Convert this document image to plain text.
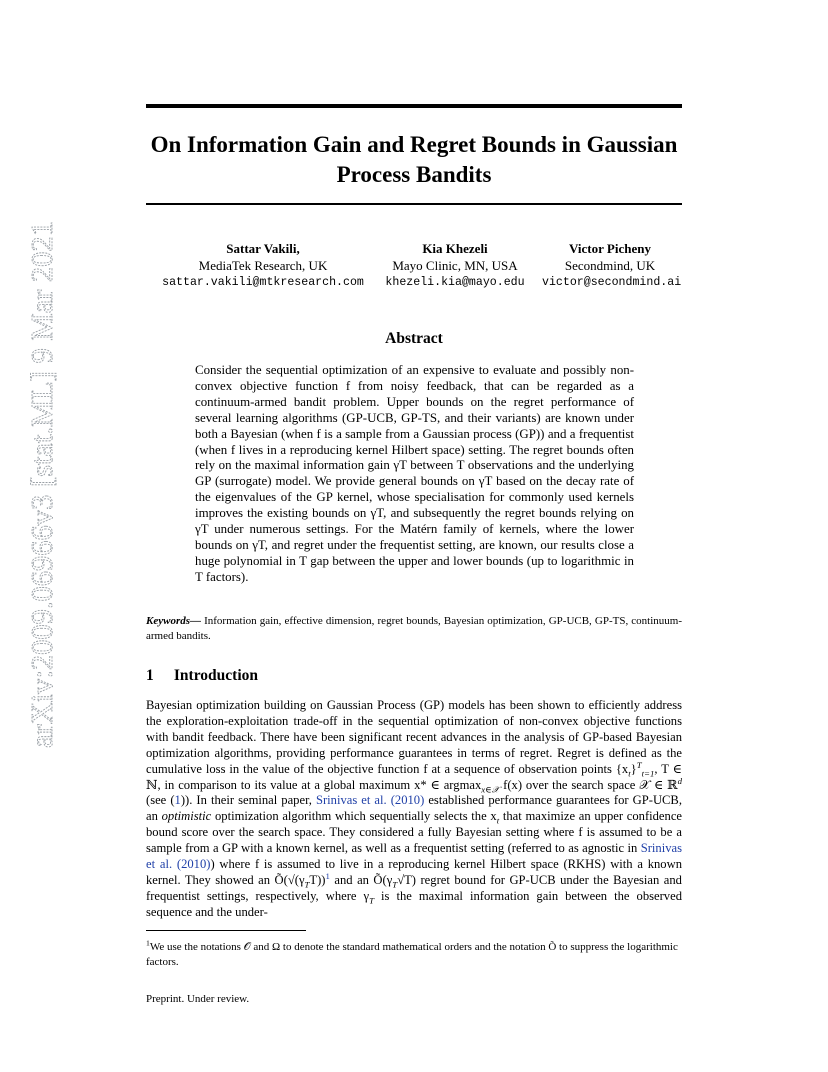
arXiv:2009.06966v3 [stat.ML] 9 Mar 2021
On Information Gain and Regret Bounds in Gaussian Process Bandits
Sattar Vakili,
MediaTek Research, UK
sattar.vakili@mtkresearch.com
Kia Khezeli
Mayo Clinic, MN, USA
khezeli.kia@mayo.edu
Victor Picheny
Secondmind, UK
victor@secondmind.ai
Abstract
Consider the sequential optimization of an expensive to evaluate and possibly non-convex objective function f from noisy feedback, that can be regarded as a continuum-armed bandit problem. Upper bounds on the regret performance of several learning algorithms (GP-UCB, GP-TS, and their variants) are known under both a Bayesian (when f is a sample from a Gaussian process (GP)) and a frequentist (when f lives in a reproducing kernel Hilbert space) setting. The regret bounds often rely on the maximal information gain γT between T observations and the underlying GP (surrogate) model. We provide general bounds on γT based on the decay rate of the eigenvalues of the GP kernel, whose specialisation for commonly used kernels improves the existing bounds on γT, and subsequently the regret bounds relying on γT under numerous settings. For the Matérn family of kernels, where the lower bounds on γT, and regret under the frequentist setting, are known, our results close a huge polynomial in T gap between the upper and lower bounds (up to logarithmic in T factors).
Keywords— Information gain, effective dimension, regret bounds, Bayesian optimization, GP-UCB, GP-TS, continuum-armed bandits.
1 Introduction
Bayesian optimization building on Gaussian Process (GP) models has been shown to efficiently address the exploration-exploitation trade-off in the sequential optimization of non-convex objective functions with bandit feedback. There have been significant recent advances in the analysis of GP-based Bayesian optimization algorithms, providing performance guarantees in terms of regret. Regret is defined as the cumulative loss in the value of the objective function f at a sequence of observation points $\{x_t\}^T_{t=1}$, T ∈ ℕ, in comparison to its value at a global maximum x* ∈ argmax$_{x\in 𝒳}$ f(x) over the search space 𝒳 ∈ ℝ$^d$ (see (1)). In their seminal paper, Srinivas et al. (2010) established performance guarantees for GP-UCB, an optimistic optimization algorithm which sequentially selects the $x_t$ that maximize an upper confidence bound score over the search space. They considered a fully Bayesian setting where f is assumed to be a sample from a GP with a known kernel, as well as a frequentist setting (referred to as agnostic in Srinivas et al. (2010)) where f is assumed to live in a reproducing kernel Hilbert space (RKHS) with a known kernel. They showed an $Õ(√(\gamma_TT))^1$ and an $Õ(\gamma_T√T)$ regret bound for GP-UCB under the Bayesian and frequentist settings, respectively, where $\gamma_T$ is the maximal information gain between the observed sequence and the under-
$^1$We use the notations 𝒪 and Ω to denote the standard mathematical orders and the notation Õ to suppress the logarithmic factors.
Preprint. Under review.
